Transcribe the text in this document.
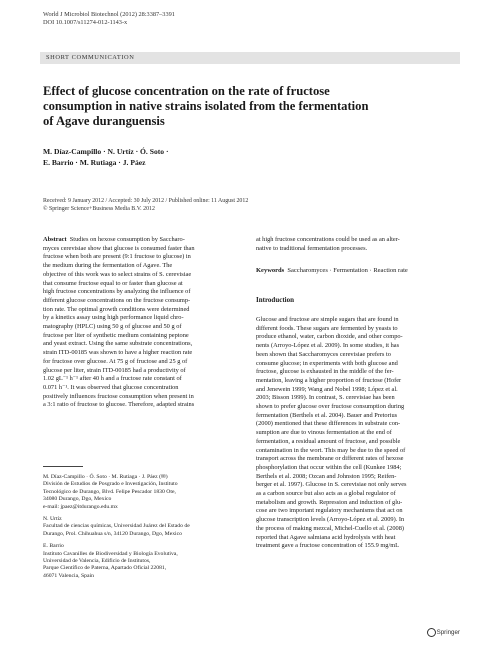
World J Microbiol Biotechnol (2012) 28:3387–3391
DOI 10.1007/s11274-012-1143-x
SHORT COMMUNICATION
Effect of glucose concentration on the rate of fructose
consumption in native strains isolated from the fermentation
of Agave duranguensis
M. Díaz-Campillo · N. Urtíz · Ó. Soto ·
E. Barrio · M. Rutiaga · J. Páez
Received: 9 January 2012 / Accepted: 30 July 2012 / Published online: 11 August 2012
© Springer Science+Business Media B.V. 2012

Abstract Studies on hexose consumption by Saccharo-

myces cerevisiae show that glucose is consumed faster than

fructose when both are present (9:1 fructose to glucose) in

the medium during the fermentation of Agave. The

objective of this work was to select strains of S. cerevisiae

that consume fructose equal to or faster than glucose at

high fructose concentrations by analyzing the influence of

different glucose concentrations on the fructose consump-

tion rate. The optimal growth conditions were determined

by a kinetics assay using high performance liquid chro-

matography (HPLC) using 50 g of glucose and 50 g of

fructose per liter of synthetic medium containing peptone

and yeast extract. Using the same substrate concentrations,

strain ITD-00185 was shown to have a higher reaction rate

for fructose over glucose. At 75 g of fructose and 25 g of

glucose per liter, strain ITD-00185 had a productivity of

1.02 gL⁻¹ h⁻¹ after 40 h and a fructose rate constant of

0.071 h⁻¹. It was observed that glucose concentration

positively influences fructose consumption when present in

a 3:1 ratio of fructose to glucose. Therefore, adapted strains

M. Díaz-Campillo · Ó. Soto · M. Rutiaga · J. Páez (✉)
División de Estudios de Posgrado e Investigación, Instituto
Tecnológico de Durango, Blvd. Felipe Pescador 1830 Ote,
34080 Durango, Dgo, Mexico
e-mail: jpaez@itdurango.edu.mx

N. Urtíz
Facultad de ciencias químicas, Universidad Juárez del Estado de
Durango, Prol. Chihuahua s/n, 34120 Durango, Dgo, Mexico

E. Barrio
Instituto Cavanilles de Biodiversidad y Biología Evolutiva,
Universidad de Valencia, Edificio de Institutos,
Parque Científico de Paterna, Apartado Oficial 22081,
46071 Valencia, Spain

at high fructose concentrations could be used as an alter-

native to traditional fermentation processes.

Keywords Saccharomyces · Fermentation · Reaction rate
Introduction

Glucose and fructose are simple sugars that are found in

different foods. These sugars are fermented by yeasts to

produce ethanol, water, carbon dioxide, and other compo-

nents (Arroyo-López et al. 2009). In some studies, it has

been shown that Saccharomyces cerevisiae prefers to

consume glucose; in experiments with both glucose and

fructose, glucose is exhausted in the middle of the fer-

mentation, leaving a higher proportion of fructose (Hofer

and Jenewein 1999; Wang and Nobel 1998; López et al.

2003; Bisson 1999). In contrast, S. cerevisiae has been

shown to prefer glucose over fructose consumption during

fermentation (Berthels et al. 2004). Bauer and Pretorius

(2000) mentioned that these differences in substrate con-

sumption are due to vinous fermentation at the end of

fermentation, a residual amount of fructose, and possible

contamination in the wort. This may be due to the speed of

transport across the membrane or different rates of hexose

phosphorylation that occur within the cell (Kunkee 1984;

Berthels et al. 2008; Ozcan and Johnston 1995; Reifen-

berger et al. 1997). Glucose in S. cerevisiae not only serves

as a carbon source but also acts as a global regulator of

metabolism and growth. Repression and induction of glu-

cose are two important regulatory mechanisms that act on

glucose transcription levels (Arroyo-López et al. 2009). In

the process of making mezcal, Michel-Cuello et al. (2008)

reported that Agave salmiana acid hydrolysis with heat

treatment gave a fructose concentration of 155.9 mg/mL

Springer
